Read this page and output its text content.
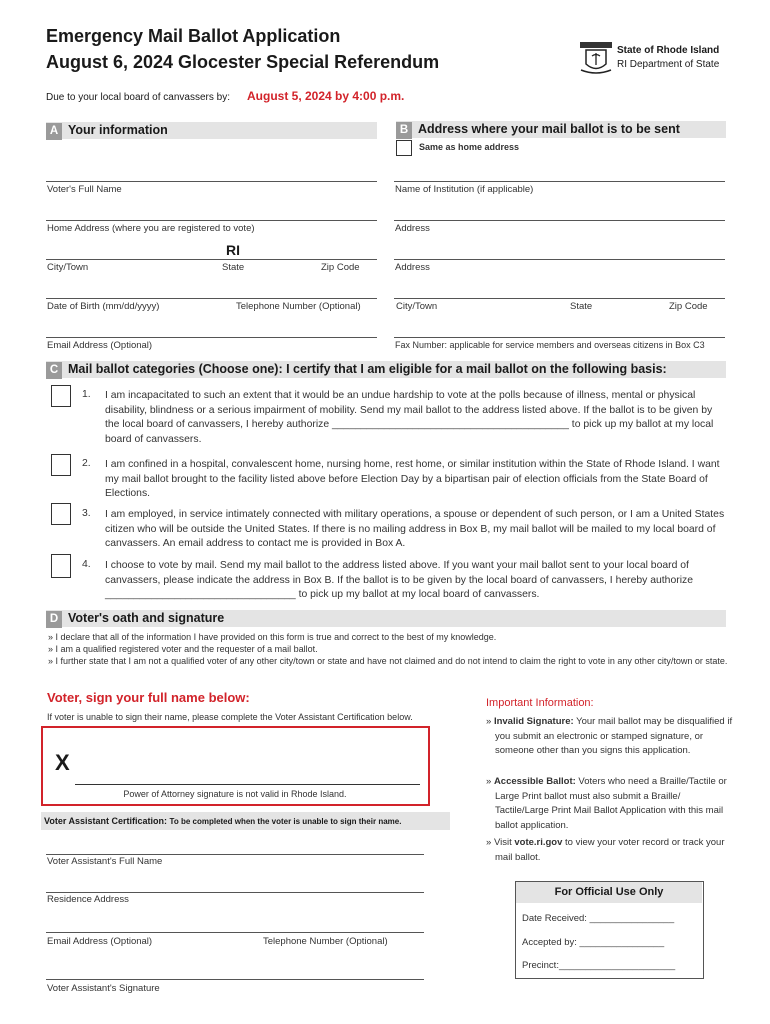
Emergency Mail Ballot Application
August 6, 2024 Glocester Special Referendum
State of Rhode Island
RI Department of State
Due to your local board of canvassers by: August 5, 2024 by 4:00 p.m.
A Your information
Voter's Full Name
Home Address (where you are registered to vote)
RI
City/Town	State	Zip Code
Date of Birth (mm/dd/yyyy)	Telephone Number (Optional)
Email Address (Optional)
B Address where your mail ballot is to be sent
Same as home address
Name of Institution (if applicable)
Address
Address
City/Town	State	Zip Code
Fax Number: applicable for service members and overseas citizens in Box C3
C Mail ballot categories (Choose one): I certify that I am eligible for a mail ballot on the following basis:
1. I am incapacitated to such an extent that it would be an undue hardship to vote at the polls because of illness, mental or physical disability, blindness or a serious impairment of mobility. Send my mail ballot to the address listed above. If the ballot is to be given by the local board of canvassers, I hereby authorize _________________________________________ to pick up my ballot at my local board of canvassers.
2. I am confined in a hospital, convalescent home, nursing home, rest home, or similar institution within the State of Rhode Island. I want my mail ballot brought to the facility listed above before Election Day by a bipartisan pair of election officials from the State Board of Elections.
3. I am employed, in service intimately connected with military operations, a spouse or dependent of such person, or I am a United States citizen who will be outside the United States. If there is no mailing address in Box B, my mail ballot will be mailed to my local board of canvassers. An email address to contact me is provided in Box A.
4. I choose to vote by mail. Send my mail ballot to the address listed above. If you want your mail ballot sent to your local board of canvassers, please indicate the address in Box B. If the ballot is to be given by the local board of canvassers, I hereby authorize _________________________________ to pick up my ballot at my local board of canvassers.
D Voter's oath and signature
» I declare that all of the information I have provided on this form is true and correct to the best of my knowledge.
» I am a qualified registered voter and the requester of a mail ballot.
» I further state that I am not a qualified voter of any other city/town or state and have not claimed and do not intend to claim the right to vote in any other city/town or state.
Voter, sign your full name below:
If voter is unable to sign their name, please complete the Voter Assistant Certification below.
X
Power of Attorney signature is not valid in Rhode Island.
Voter Assistant Certification: To be completed when the voter is unable to sign their name.
Voter Assistant's Full Name
Residence Address
Email Address (Optional)	Telephone Number (Optional)
Voter Assistant's Signature
Important Information:
» Invalid Signature: Your mail ballot may be disqualified if you submit an electronic or stamped signature, or someone other than you signs this application.
» Accessible Ballot: Voters who need a Braille/Tactile or Large Print ballot must also submit a Braille/ Tactile/Large Print Mail Ballot Application with this mail ballot application.
» Visit vote.ri.gov to view your voter record or track your mail ballot.
For Official Use Only
Date Received: ________________
Accepted by: ________________
Precinct:______________________
